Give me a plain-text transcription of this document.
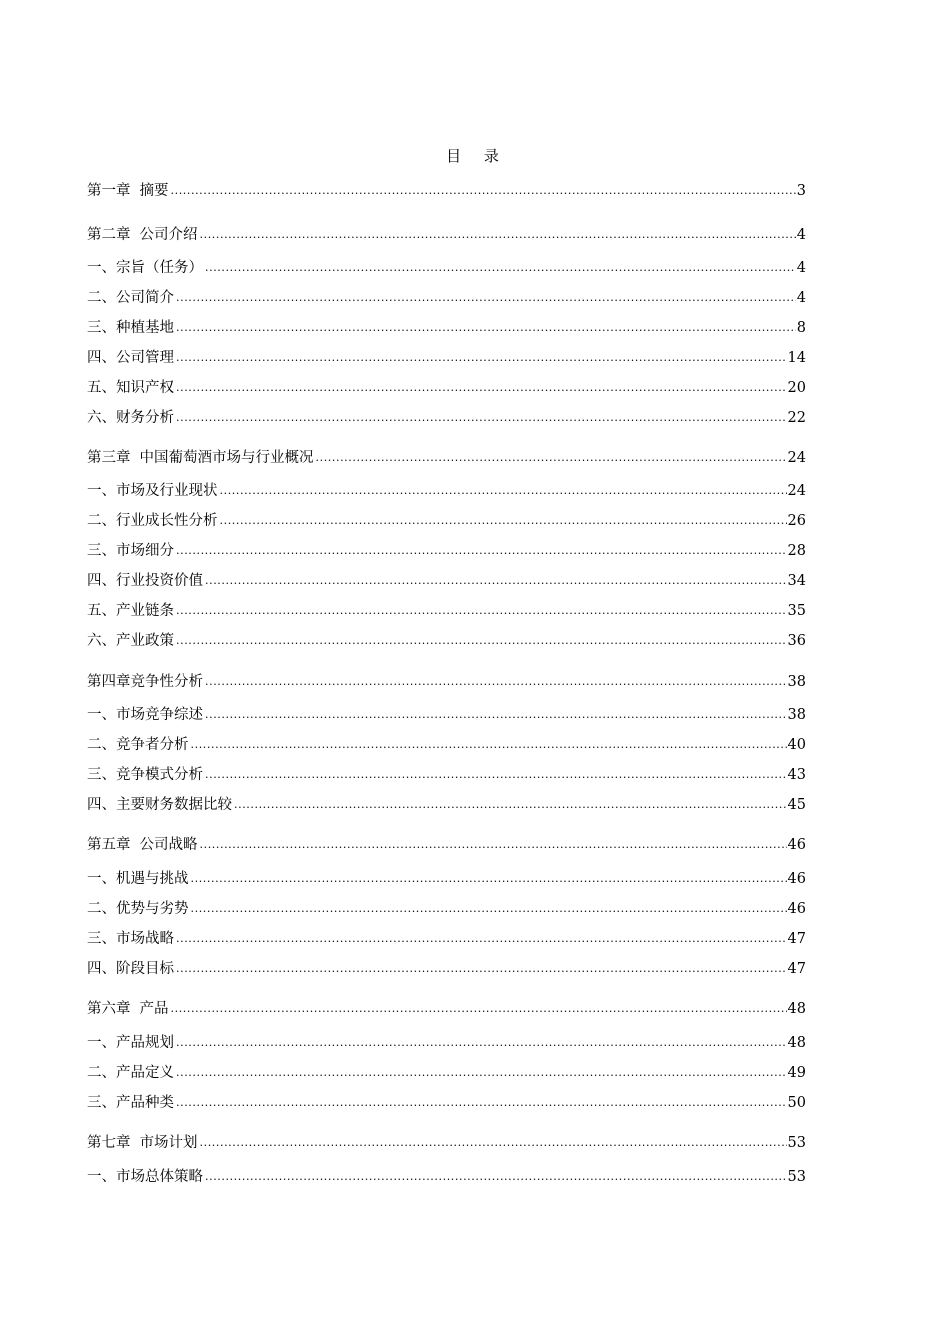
目 录
第一章 摘要 .....	3
第二章 公司介绍 .....	4
一、宗旨（任务） .....	4
二、公司简介 .....	4
三、种植基地 .....	8
四、公司管理 .....	14
五、知识产权 .....	20
六、财务分析 .....	22
第三章 中国葡萄酒市场与行业概况 .....	24
一、市场及行业现状 .....	24
二、行业成长性分析 .....	26
三、市场细分 .....	28
四、行业投资价值 .....	34
五、产业链条 .....	35
六、产业政策 .....	36
第四章竞争性分析 .....	38
一、市场竞争综述 .....	38
二、竞争者分析 .....	40
三、竞争模式分析 .....	43
四、主要财务数据比较 .....	45
第五章 公司战略 .....	46
一、机遇与挑战 .....	46
二、优势与劣势 .....	46
三、市场战略 .....	47
四、阶段目标 .....	47
第六章 产品 .....	48
一、产品规划 .....	48
二、产品定义 .....	49
三、产品种类 .....	50
第七章 市场计划 .....	53
一、市场总体策略 .....	53
